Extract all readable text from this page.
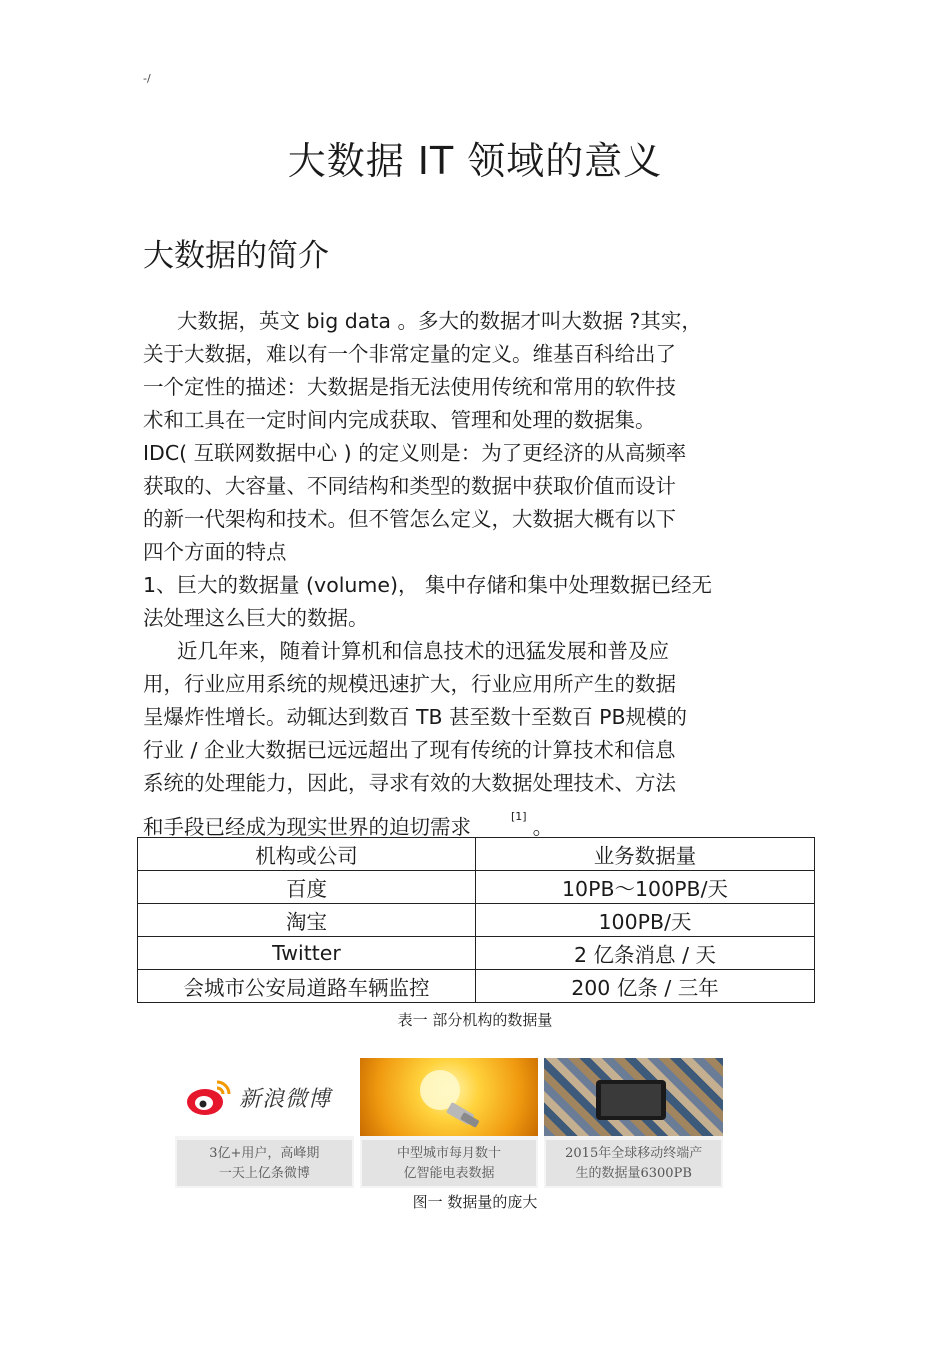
-/
大数据 IT 领域的意义
大数据的简介
大数据，英文 big data 。多大的数据才叫大数据 ?其实，
关于大数据，难以有一个非常定量的定义。维基百科给出了
一个定性的描述：大数据是指无法使用传统和常用的软件技
术和工具在一定时间内完成获取、管理和处理的数据集。
IDC( 互联网数据中心 ) 的定义则是：为了更经济的从高频率
获取的、大容量、不同结构和类型的数据中获取价值而设计
的新一代架构和技术。但不管怎么定义，大数据大概有以下
四个方面的特点
1、巨大的数据量 (volume)， 集中存储和集中处理数据已经无
法处理这么巨大的数据。
近几年来，随着计算机和信息技术的迅猛发展和普及应
用，行业应用系统的规模迅速扩大，行业应用所产生的数据
呈爆炸性增长。动辄达到数百 TB 甚至数十至数百 PB规模的
行业 / 企业大数据已远远超出了现有传统的计算技术和信息
系统的处理能力，因此，寻求有效的大数据处理技术、方法
和手段已经成为现实世界的迫切需求	[1] 。
机构或公司	业务数据量
百度	10PB～100PB/天
淘宝	100PB/天
Twitter	2 亿条消息 / 天
会城市公安局道路车辆监控	200 亿条 / 三年
表一 部分机构的数据量
新浪微博
3亿+用户，高峰期
一天上亿条微博
中型城市每月数十
亿智能电表数据
2015年全球移动终端产
生的数据量6300PB
图一 数据量的庞大
